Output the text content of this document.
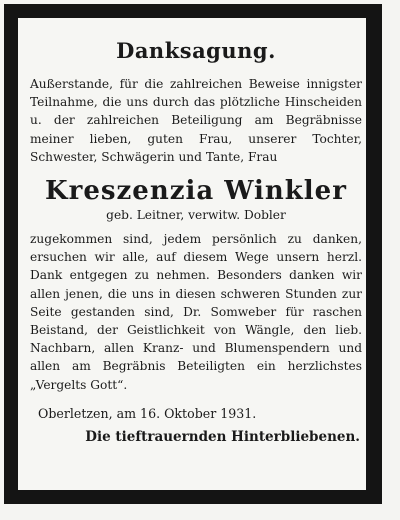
Danksagung.

Außerstande, für die zahlreichen Beweise innigster Teilnahme, die uns durch das plötzliche Hinscheiden u. der zahlreichen Beteiligung am Begräbnisse meiner lieben, guten Frau, unserer Tochter, Schwester, Schwägerin und Tante, Frau

Kreszenzia Winkler
geb. Leitner, verwitw. Dobler

zugekommen sind, jedem persönlich zu danken, ersuchen wir alle, auf diesem Wege unsern herzl. Dank entgegen zu nehmen. Besonders danken wir allen jenen, die uns in diesen schweren Stunden zur Seite gestanden sind, Dr. Somweber für raschen Beistand, der Geistlichkeit von Wängle, den lieb. Nachbarn, allen Kranz- und Blumenspendern und allen am Begräbnis Beteiligten ein herzlichstes „Vergelts Gott“.

Oberletzen, am 16. Oktober 1931.
Die tieftrauernden Hinterbliebenen.
